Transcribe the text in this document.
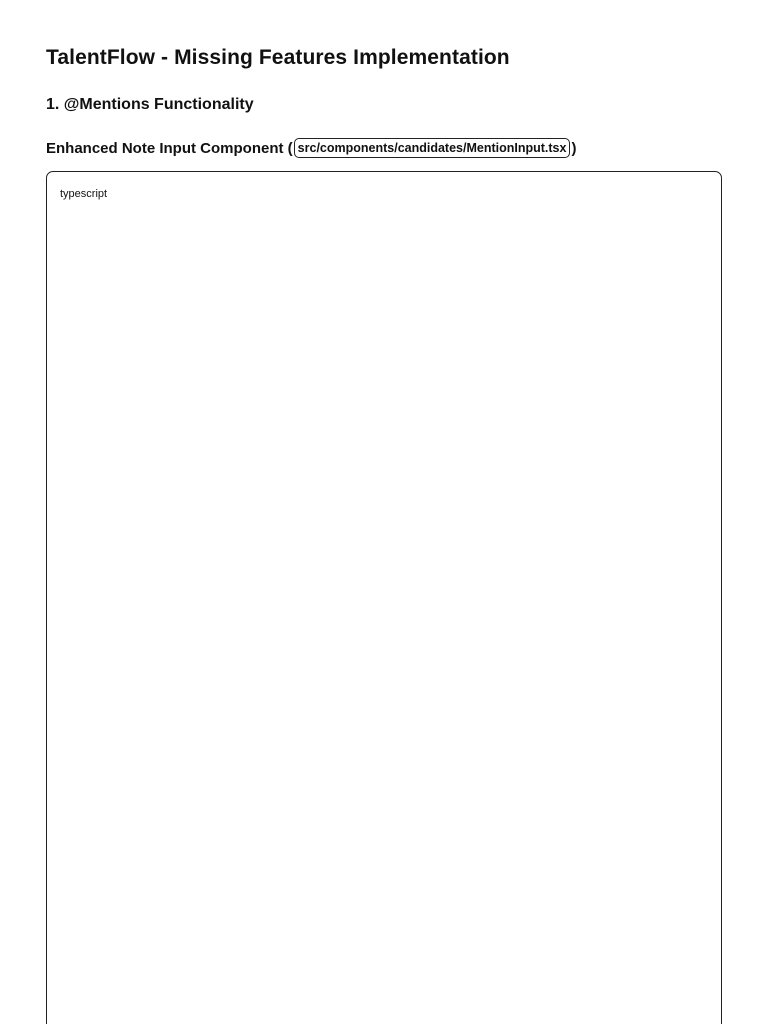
TalentFlow - Missing Features Implementation
1. @Mentions Functionality
Enhanced Note Input Component
( src/components/candidates/MentionInput.tsx )
typescript
